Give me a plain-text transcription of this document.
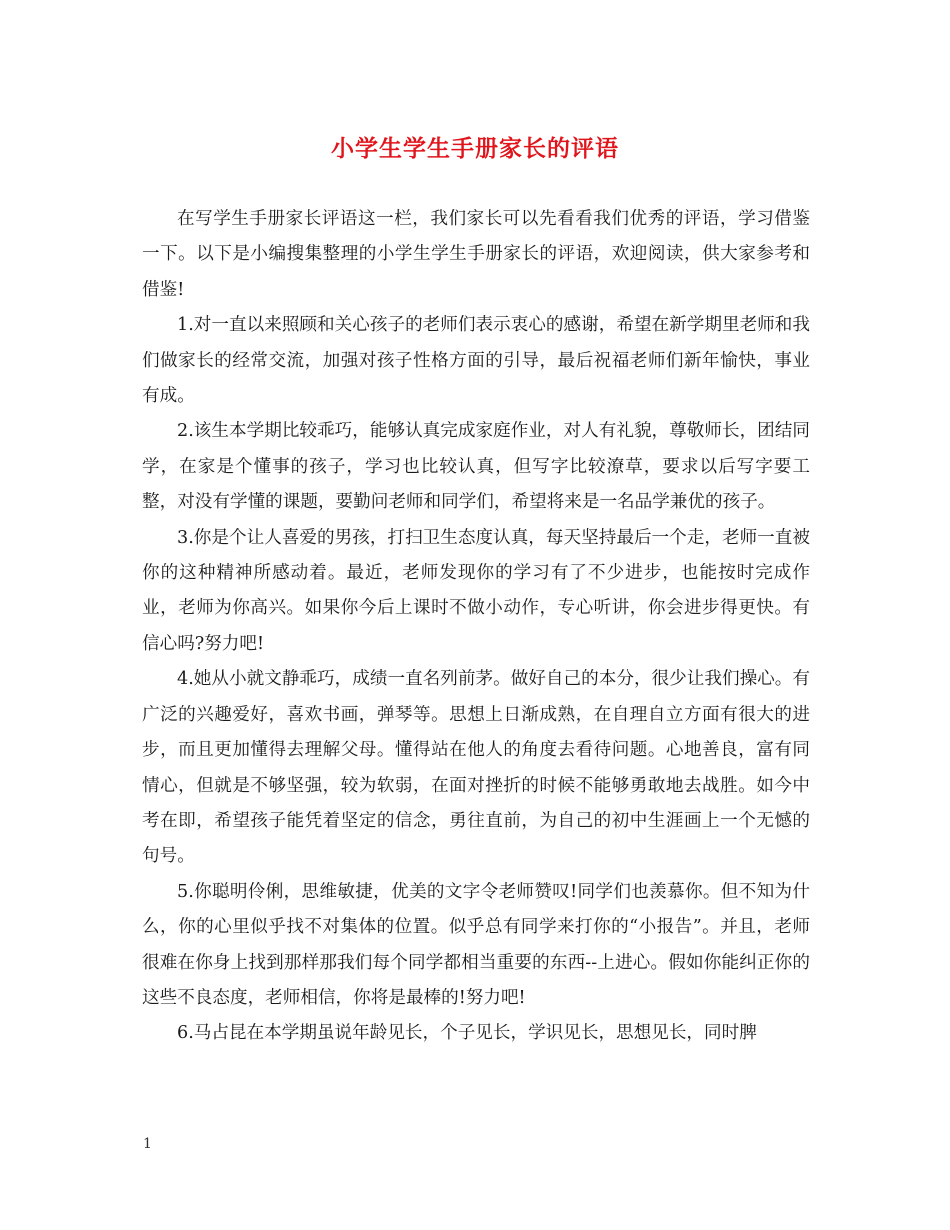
小学生学生手册家长的评语

在写学生手册家长评语这一栏，我们家长可以先看看我们优秀的评语，学习借鉴一下。以下是小编搜集整理的小学生学生手册家长的评语，欢迎阅读，供大家参考和借鉴!

1.对一直以来照顾和关心孩子的老师们表示衷心的感谢，希望在新学期里老师和我们做家长的经常交流，加强对孩子性格方面的引导，最后祝福老师们新年愉快，事业有成。

2.该生本学期比较乖巧，能够认真完成家庭作业，对人有礼貌，尊敬师长，团结同学，在家是个懂事的孩子，学习也比较认真，但写字比较潦草，要求以后写字要工整，对没有学懂的课题，要勤问老师和同学们，希望将来是一名品学兼优的孩子。

3.你是个让人喜爱的男孩，打扫卫生态度认真，每天坚持最后一个走，老师一直被你的这种精神所感动着。最近，老师发现你的学习有了不少进步，也能按时完成作业，老师为你高兴。如果你今后上课时不做小动作，专心听讲，你会进步得更快。有信心吗?努力吧!

4.她从小就文静乖巧，成绩一直名列前茅。做好自己的本分，很少让我们操心。有广泛的兴趣爱好，喜欢书画，弹琴等。思想上日渐成熟，在自理自立方面有很大的进步，而且更加懂得去理解父母。懂得站在他人的角度去看待问题。心地善良，富有同情心，但就是不够坚强，较为软弱，在面对挫折的时候不能够勇敢地去战胜。如今中考在即，希望孩子能凭着坚定的信念，勇往直前，为自己的初中生涯画上一个无憾的句号。

5.你聪明伶俐，思维敏捷，优美的文字令老师赞叹!同学们也羡慕你。但不知为什么，你的心里似乎找不对集体的位置。似乎总有同学来打你的“小报告”。并且，老师很难在你身上找到那样那我们每个同学都相当重要的东西--上进心。假如你能纠正你的这些不良态度，老师相信，你将是最棒的!努力吧!

6.马占昆在本学期虽说年龄见长，个子见长，学识见长，思想见长，同时脾

1
